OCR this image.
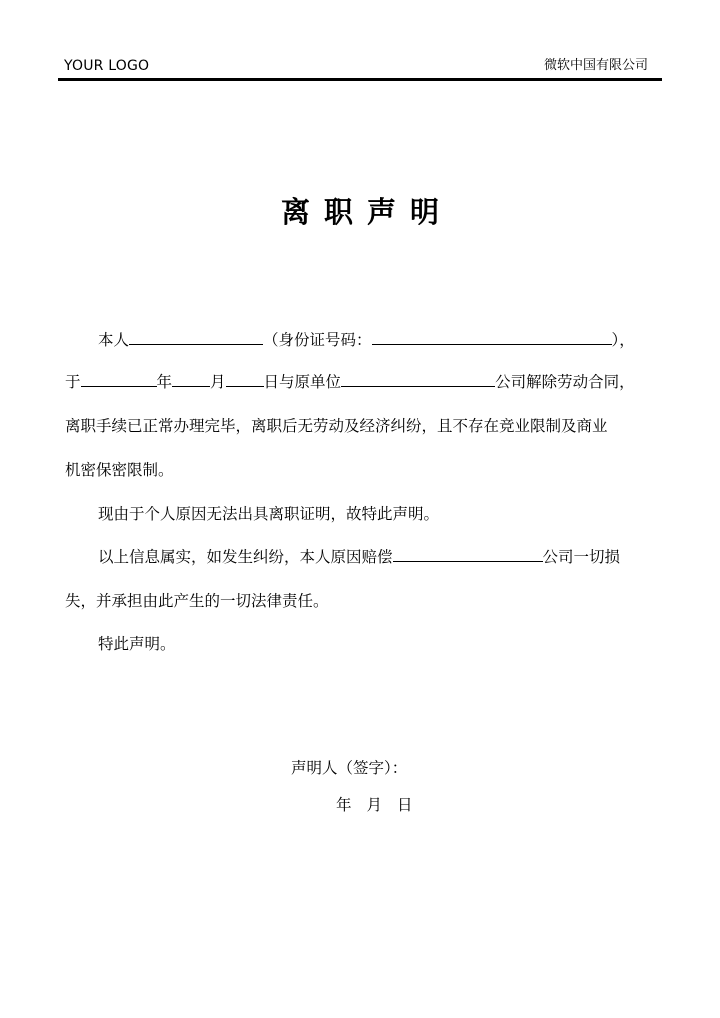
YOUR LOGO	微软中国有限公司
离职声明
本人	（身份证号码：	），
于	年 月 日与原单位	公司解除劳动合同，
离职手续已正常办理完毕，离职后无劳动及经济纠纷，且不存在竞业限制及商业
机密保密限制。
现由于个人原因无法出具离职证明，故特此声明。
以上信息属实，如发生纠纷，本人原因赔偿	公司一切损
失，并承担由此产生的一切法律责任。
特此声明。
声明人（签字）：
年 月 日
